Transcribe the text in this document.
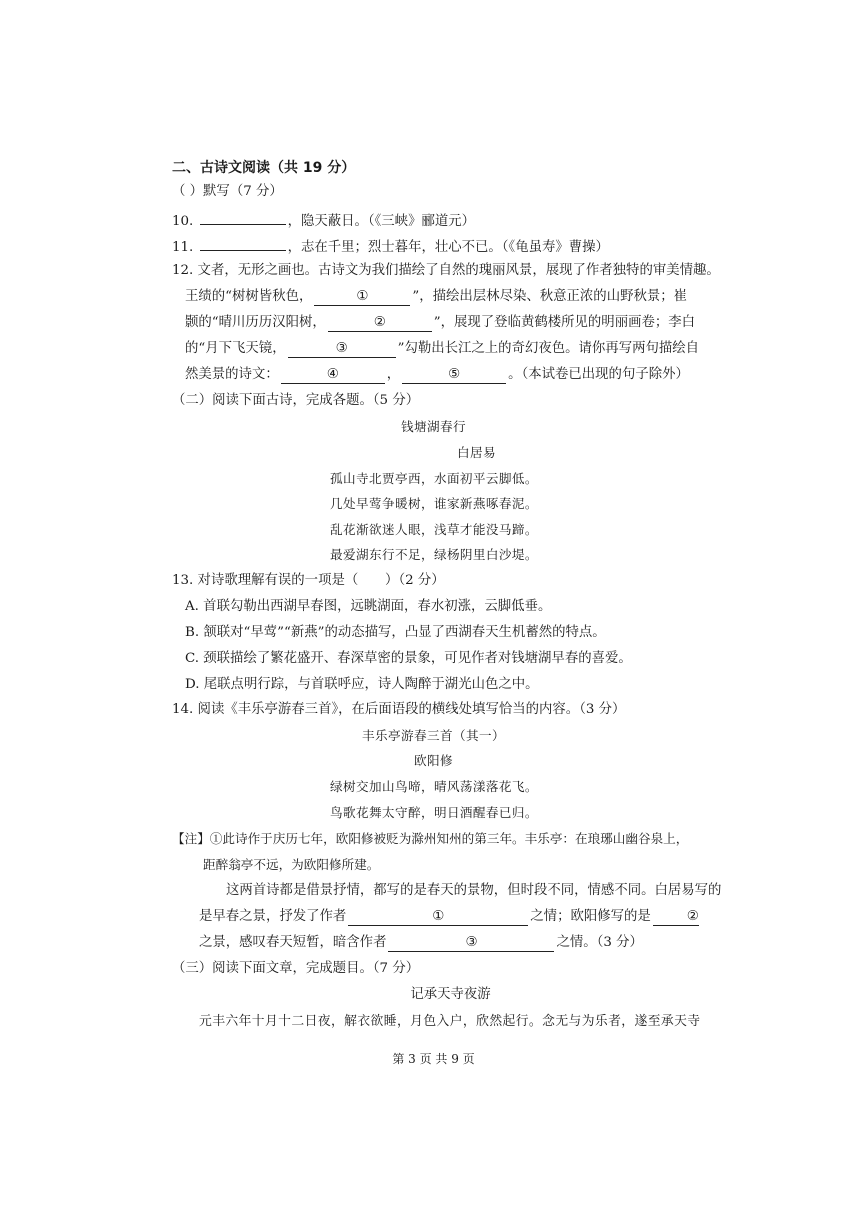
二、古诗文阅读（共 19 分）
（ ）默写（7 分）
10.	，隐天蔽日。（《三峡》郦道元）
11.	，志在千里；烈士暮年，壮心不已。（《龟虽寿》曹操）
12. 文者，无形之画也。古诗文为我们描绘了自然的瑰丽风景，展现了作者独特的审美情趣。
王绩的“树树皆秋色，	①	”，描绘出层林尽染、秋意正浓的山野秋景；崔
颢的“晴川历历汉阳树，	②	”，展现了登临黄鹤楼所见的明丽画卷；李白
的“月下飞天镜，	③	”勾勒出长江之上的奇幻夜色。请你再写两句描绘自
然美景的诗文：	④	，	⑤	。（本试卷已出现的句子除外）
（二）阅读下面古诗，完成各题。（5 分）
钱塘湖春行
白居易
孤山寺北贾亭西，水面初平云脚低。
几处早莺争暖树，谁家新燕啄春泥。
乱花渐欲迷人眼，浅草才能没马蹄。
最爱湖东行不足，绿杨阴里白沙堤。
13. 对诗歌理解有误的一项是（　　）（2 分）
A. 首联勾勒出西湖早春图，远眺湖面，春水初涨，云脚低垂。
B. 颔联对“早莺”“新燕”的动态描写，凸显了西湖春天生机蓄然的特点。
C. 颈联描绘了繁花盛开、春深草密的景象，可见作者对钱塘湖早春的喜爱。
D. 尾联点明行踪，与首联呼应，诗人陶醉于湖光山色之中。
14. 阅读《丰乐亭游春三首》，在后面语段的横线处填写恰当的内容。（3 分）
丰乐亭游春三首（其一）
欧阳修
绿树交加山鸟啼，晴风荡漾落花飞。
鸟歌花舞太守醉，明日酒醒春已归。
【注】①此诗作于庆历七年，欧阳修被贬为滁州知州的第三年。丰乐亭：在琅琊山幽谷泉上，
距醉翁亭不远，为欧阳修所建。
这两首诗都是借景抒情，都写的是春天的景物，但时段不同，情感不同。白居易写的
是早春之景，抒发了作者	①	之情；欧阳修写的是	②
之景，感叹春天短暂，暗含作者	③	之情。（3 分）
（三）阅读下面文章，完成题目。（7 分）
记承天寺夜游
元丰六年十月十二日夜，解衣欲睡，月色入户，欣然起行。念无与为乐者，遂至承天寺
第 3 页 共 9 页
